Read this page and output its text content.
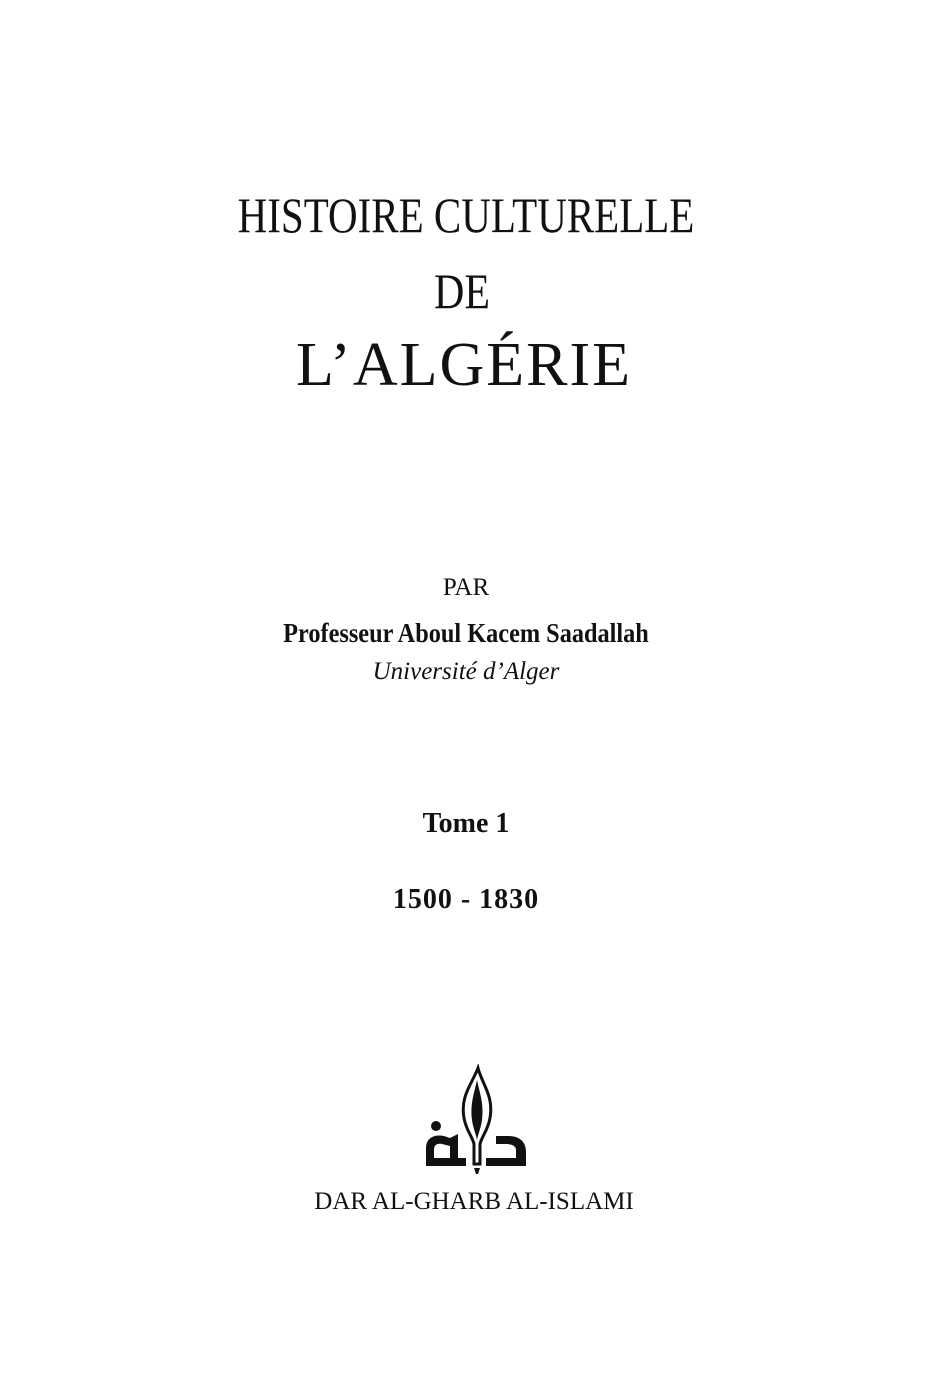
HISTOIRE CULTURELLE
DE
L’ALGÉRIE
PAR
Professeur Aboul Kacem Saadallah
Université d’Alger
Tome 1
1500 - 1830
DAR AL-GHARB AL-ISLAMI
